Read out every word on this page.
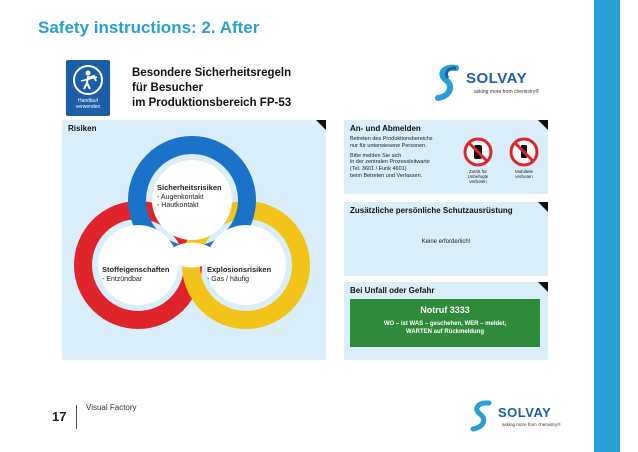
Safety instructions: 2. After
Handlauf verwenden
Besondere Sicherheitsregeln
für Besucher
im Produktionsbereich FP-53
SOLVAY
asking more from chemistry®
Risiken
Sicherheitsrisiken
- Augenkontakt
- Hautkontakt
Stoffeigenschaften
- Entzündbar
Explosionsrisiken
- Gas / häufig
An- und Abmelden
Betreten des Produktionsbereichs
nur für unterwiesene Personen.
Bitte melden Sie sich
in der zentralen Prozessleitwarte
(Tel. 3601 / Funk 4601)
beim Betreten und Verlassen.
Zutritt für
Unbefugte
verboten
Mobiltele
verboten
Zusätzliche persönliche Schutzausrüstung
Keine erforderlich!
Bei Unfall oder Gefahr
Notruf 3333
WO – ist WAS – geschehen, WER – meldet,
WARTEN auf Rückmeldung
17
Visual Factory	SOLVAY
asking more from chemistry®
